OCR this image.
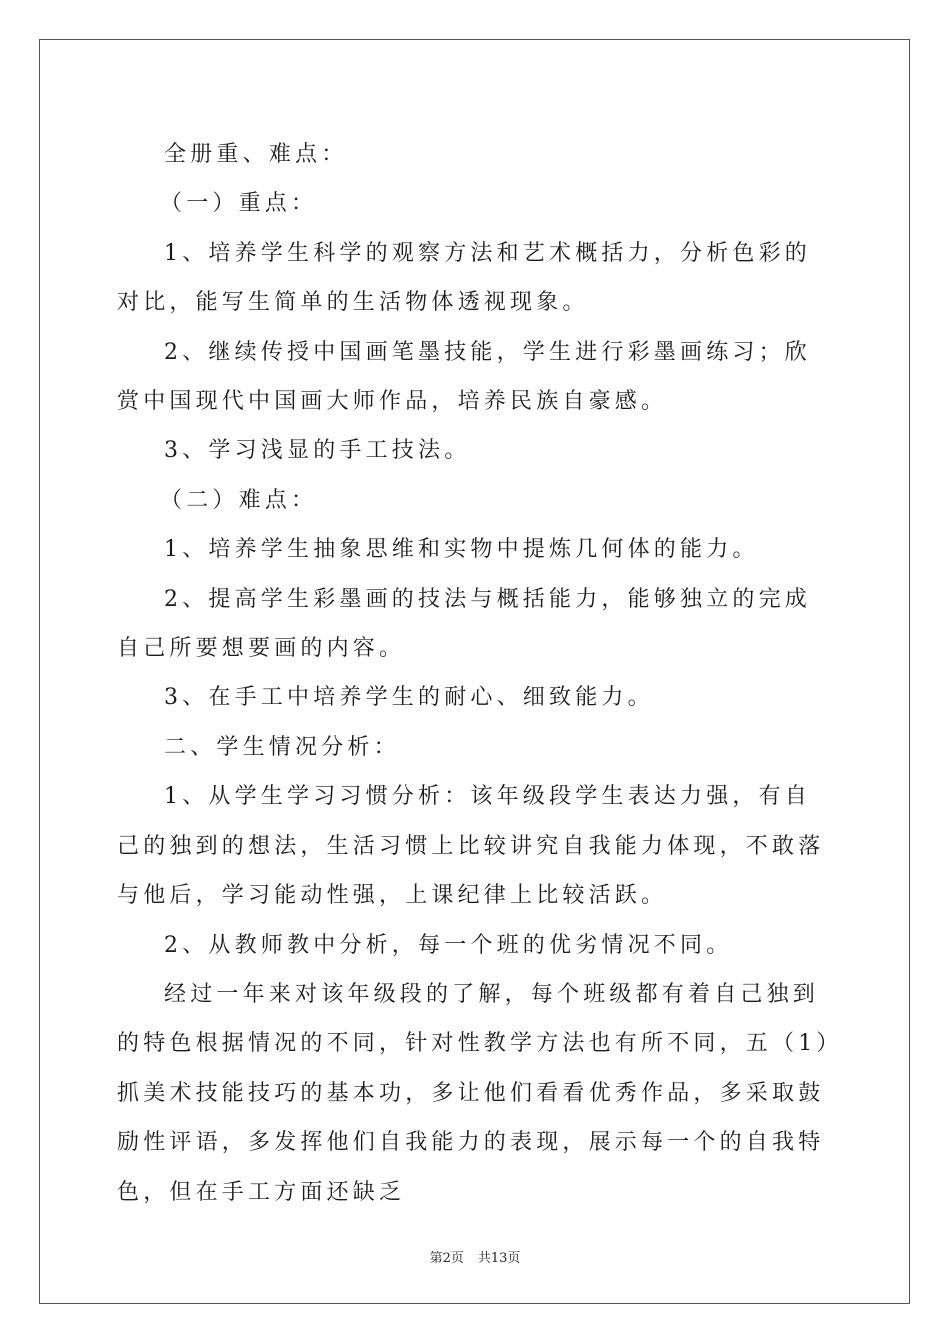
全册重、难点：

（一）重点：

1、培养学生科学的观察方法和艺术概括力，分析色彩的对比，能写生简单的生活物体透视现象。

2、继续传授中国画笔墨技能，学生进行彩墨画练习；欣赏中国现代中国画大师作品，培养民族自豪感。

3、学习浅显的手工技法。

（二）难点：

1、培养学生抽象思维和实物中提炼几何体的能力。

2、提高学生彩墨画的技法与概括能力，能够独立的完成自己所要想要画的内容。

3、在手工中培养学生的耐心、细致能力。

二、学生情况分析：

1、从学生学习习惯分析：该年级段学生表达力强，有自己的独到的想法，生活习惯上比较讲究自我能力体现，不敢落与他后，学习能动性强，上课纪律上比较活跃。

2、从教师教中分析，每一个班的优劣情况不同。

经过一年来对该年级段的了解，每个班级都有着自己独到的特色根据情况的不同，针对性教学方法也有所不同，五（1）抓美术技能技巧的基本功，多让他们看看优秀作品，多采取鼓励性评语，多发挥他们自我能力的表现，展示每一个的自我特色，但在手工方面还缺乏

第2页 共13页
